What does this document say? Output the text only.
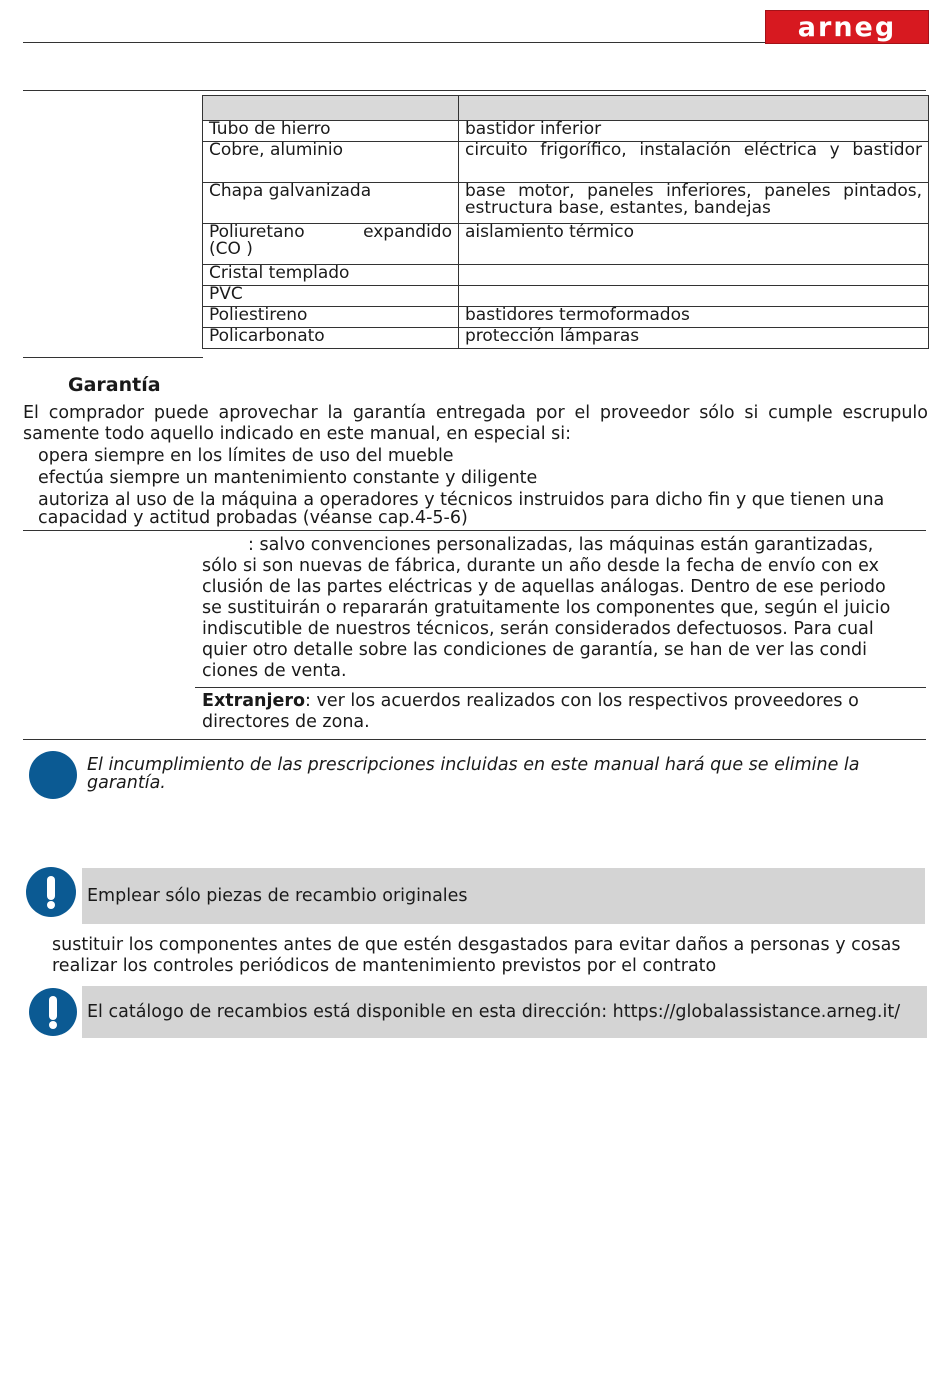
arneg

Tubo de hierro	bastidor inferior
Cobre, aluminio	circuito frigorífico, instalación eléctrica y bastidor
Chapa galvanizada	base motor, paneles inferiores, paneles pintados,
estructura base, estantes, bandejas

Poliuretano expandido
(CO )	aislamiento térmico
Cristal templado	
PVC	
Poliestireno	bastidores termoformados
Policarbonato	protección lámparas
Garantía
El comprador puede aprovechar la garantía entregada por el proveedor sólo si cumple escrupulo
samente todo aquello indicado en este manual, en especial si:
opera siempre en los límites de uso del mueble
efectúa siempre un mantenimiento constante y diligente
autoriza al uso de la máquina a operadores y técnicos instruidos para dicho fin y que tienen una
capacidad y actitud probadas (véanse cap.4-5-6)
: salvo convenciones personalizadas, las máquinas están garantizadas,
sólo si son nuevas de fábrica, durante un año desde la fecha de envío con ex
clusión de las partes eléctricas y de aquellas análogas. Dentro de ese periodo
se sustituirán o repararán gratuitamente los componentes que, según el juicio
indiscutible de nuestros técnicos, serán considerados defectuosos. Para cual
quier otro detalle sobre las condiciones de garantía, se han de ver las condi
ciones de venta.
Extranjero: ver los acuerdos realizados con los respectivos proveedores o
directores de zona.
El incumplimiento de las prescripciones incluidas en este manual hará que se elimine la
garantía.
Emplear sólo piezas de recambio originales
sustituir los componentes antes de que estén desgastados para evitar daños a personas y cosas
realizar los controles periódicos de mantenimiento previstos por el contrato
El catálogo de recambios está disponible en esta dirección: https://globalassistance.arneg.it/
